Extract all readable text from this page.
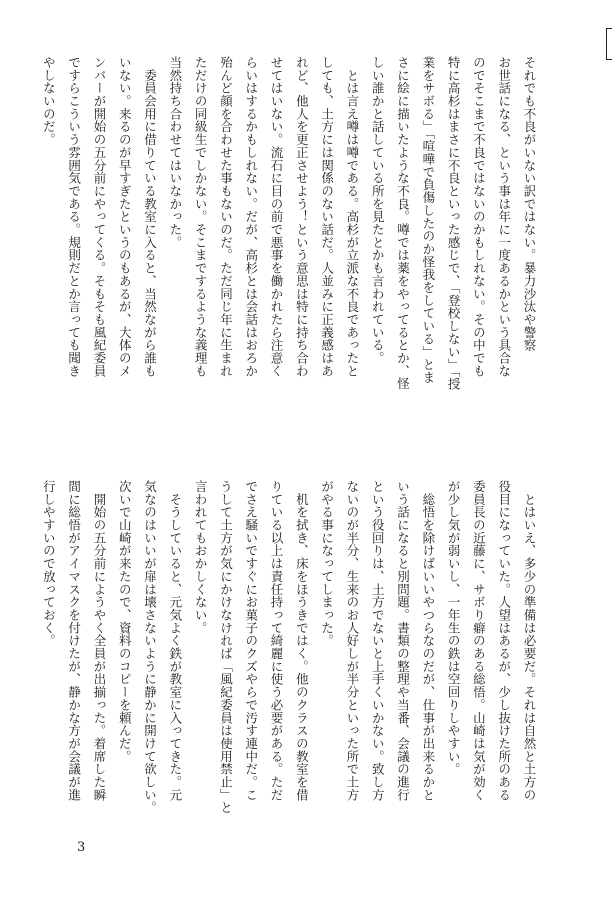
それでも不良がいない訳ではない。暴力沙汰や警察
お世話になる、という事は年に一度あるかという具合な
のでそこまで不良ではないのかもしれない。その中でも
特に高杉はまさに不良といった感じで、「登校しない」「授
業をサボる」「喧嘩で負傷したのか怪我をしている」とま
さに絵に描いたような不良。噂では薬をやってるとか、怪
しい誰かと話している所を見たとかも言われている。
　とは言え噂は噂である。高杉が立派な不良であったと
しても、土方には関係のない話だ。人並みに正義感はあ
れど、他人を更正させよう！という意思は特に持ち合わ
せてはいない。流石に目の前で悪事を働かれたら注意く
らいはするかもしれない。だが、高杉とは会話はおろか
殆んど顔を合わせた事もないのだ。ただ同じ年に生まれ
ただけの同級生でしかない。そこまでするような義理も
当然持ち合わせてはいなかった。
　委員会用に借りている教室に入ると、当然ながら誰も
いない。来るのが早すぎたというのもあるが、大体のメ
ンバーが開始の五分前にやってくる。そもそも風紀委員
ですらこういう雰囲気である。規則だとか言っても聞き
やしないのだ。
　とはいえ、多少の準備は必要だ。それは自然と土方の
役目になっていた。人望はあるが、少し抜けた所のある
委員長の近藤に、サボり癖のある総悟。山崎は気が効く
が少し気が弱いし、一年生の鉄は空回りしやすい。
　総悟を除けばいいやつらなのだが、仕事が出来るかと
いう話になると別問題。書類の整理や当番、会議の進行
という役回りは、土方でないと上手くいかない。致し方
ないのが半分、生来のお人好しが半分といった所で土方
がやる事になってしまった。
　机を拭き、床をほうきではく。他のクラスの教室を借
りている以上は責任持って綺麗に使う必要がある。ただ
でさえ騒いですぐにお菓子のクズやらで汚す連中だ。こ
うして土方が気にかけなければ「風紀委員は使用禁止」と
言われてもおかしくない。
　そうしていると、元気よく鉄が教室に入ってきた。元
気なのはいいが扉は壊さないように静かに開けて欲しい。
次いで山崎が来たので、資料のコピーを頼んだ。
　開始の五分前にようやく全員が出揃った。着席した瞬
間に総悟がアイマスクを付けたが、静かな方が会議が進
行しやすいので放っておく。
3
